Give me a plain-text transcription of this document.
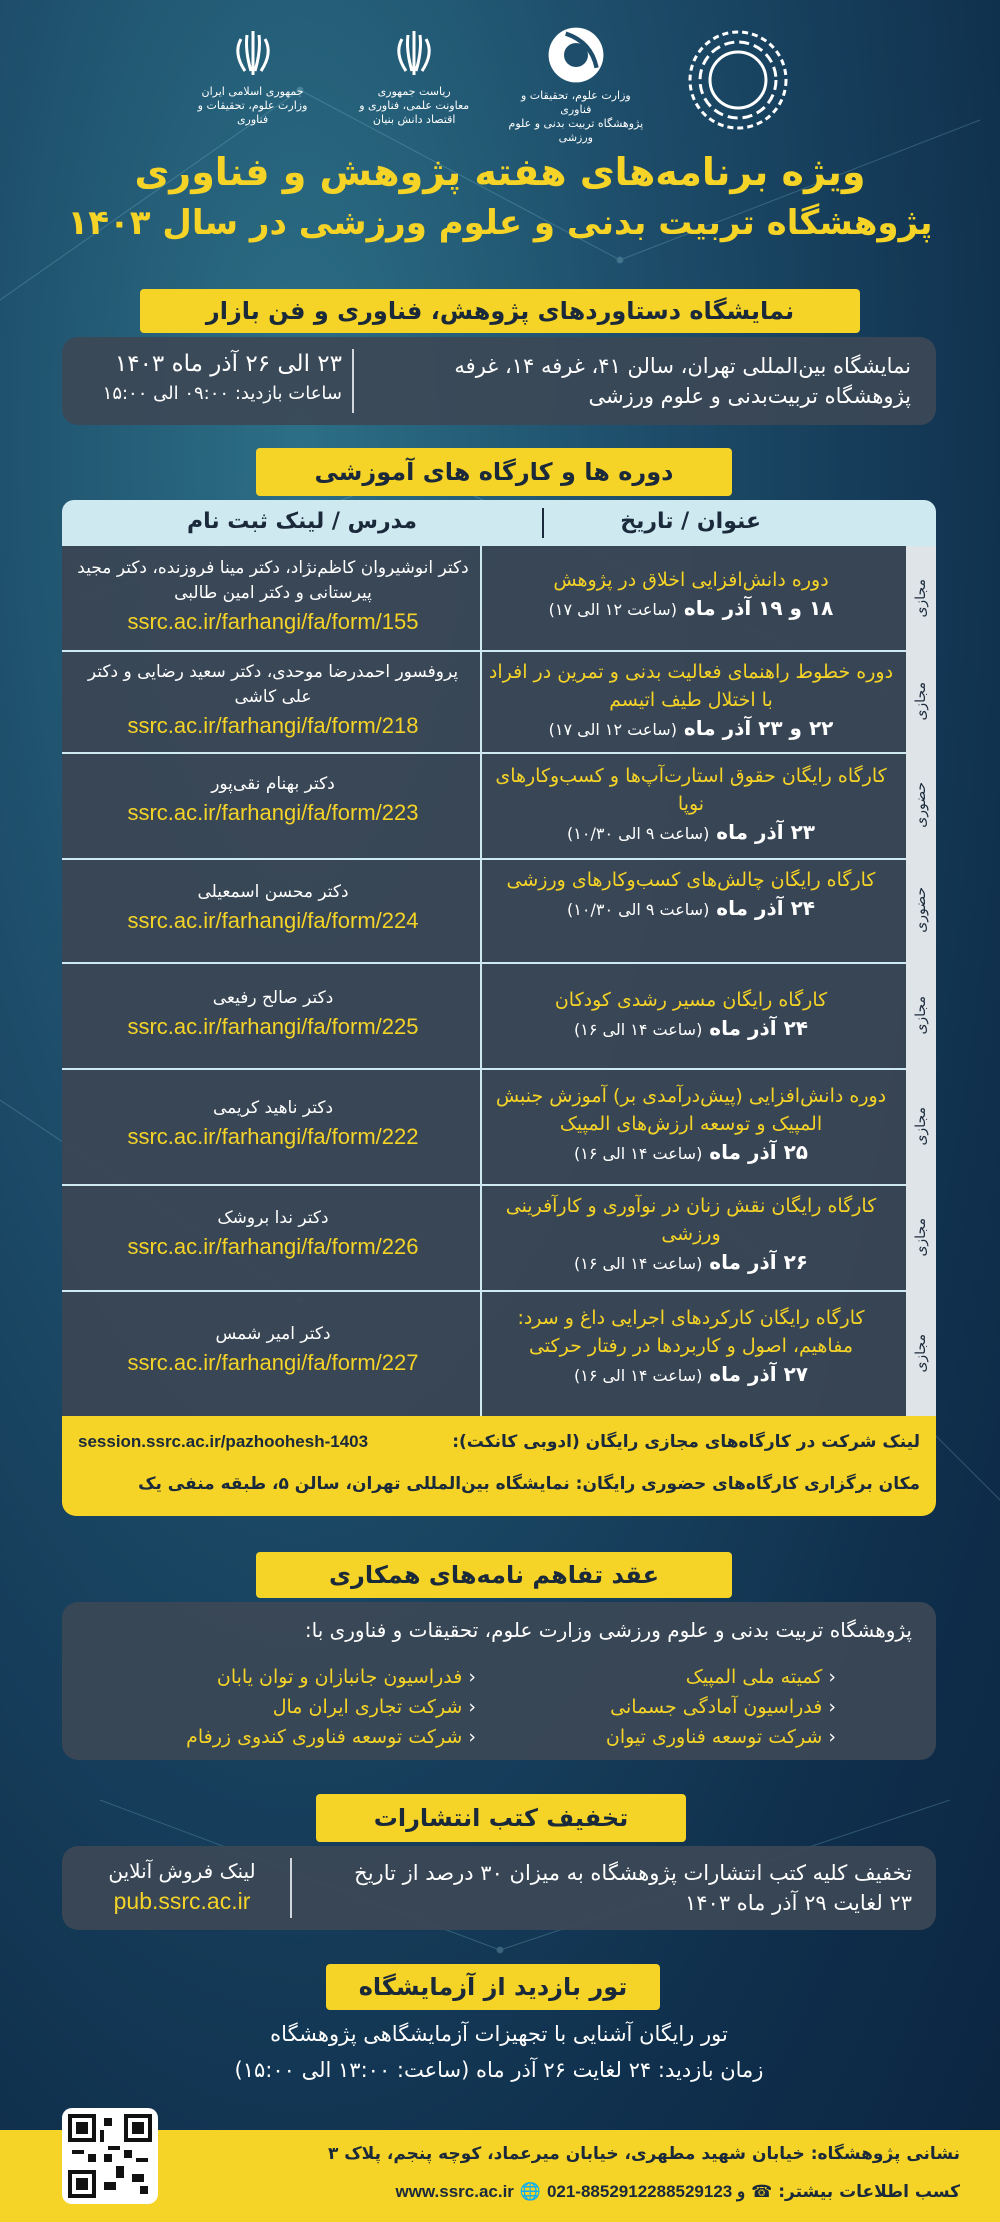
جمهوری اسلامی ایران
وزارت علوم، تحقیقات و فناوری
ریاست جمهوری
معاونت علمی، فناوری و اقتصاد دانش بنیان
وزارت علوم، تحقیقات و فناوری
پژوهشگاه تربیت بدنی و علوم ورزشی
ویژه برنامه‌های هفته پژوهش و فناوری
پژوهشگاه تربیت بدنی و علوم ورزشی در سال ۱۴۰۳
نمایشگاه دستاوردهای پژوهش، فناوری و فن بازار
نمایشگاه بین‌المللی تهران، سالن ۴۱، غرفه ۱۴، غرفه پژوهشگاه تربیت‌بدنی و علوم ورزشی
۲۳ الی ۲۶ آذر ماه ۱۴۰۳
ساعات بازدید: ۰۹:۰۰ الی ۱۵:۰۰
دوره ها و کارگاه های آموزشی
عنوان / تاریخ
مدرس / لینک ثبت نام
مجازی
دوره دانش‌افزایی اخلاق در پژوهش
۱۸ و ۱۹ آذر ماه (ساعت ۱۲ الی ۱۷)
دکتر انوشیروان کاظم‌نژاد، دکتر مینا فروزنده، دکتر مجید پیرستانی و دکتر امین طالبی
ssrc.ac.ir/farhangi/fa/form/155
مجازی
دوره خطوط راهنمای فعالیت بدنی و تمرین در افراد با اختلال طیف اتیسم
۲۲ و ۲۳ آذر ماه (ساعت ۱۲ الی ۱۷)
پروفسور احمدرضا موحدی، دکتر سعید رضایی و دکتر علی کاشی
ssrc.ac.ir/farhangi/fa/form/218
حضوری
کارگاه رایگان حقوق استارت‌آپ‌ها و کسب‌وکارهای نوپا
۲۳ آذر ماه (ساعت ۹ الی ۱۰/۳۰)
دکتر بهنام نقی‌پور
ssrc.ac.ir/farhangi/fa/form/223
حضوری
کارگاه رایگان چالش‌های کسب‌وکارهای ورزشی
۲۴ آذر ماه (ساعت ۹ الی ۱۰/۳۰)
دکتر محسن اسمعیلی
ssrc.ac.ir/farhangi/fa/form/224
مجازی
کارگاه رایگان مسیر رشدی کودکان
۲۴ آذر ماه (ساعت ۱۴ الی ۱۶)
دکتر صالح رفیعی
ssrc.ac.ir/farhangi/fa/form/225
مجازی
دوره دانش‌افزایی (پیش‌درآمدی بر) آموزش جنبش المپیک و توسعه ارزش‌های المپیک
۲۵ آذر ماه (ساعت ۱۴ الی ۱۶)
دکتر ناهید کریمی
ssrc.ac.ir/farhangi/fa/form/222
مجازی
کارگاه رایگان نقش زنان در نوآوری و کارآفرینی ورزشی
۲۶ آذر ماه (ساعت ۱۴ الی ۱۶)
دکتر ندا بروشک
ssrc.ac.ir/farhangi/fa/form/226
مجازی
کارگاه رایگان کارکردهای اجرایی داغ و سرد: مفاهیم، اصول و کاربردها در رفتار حرکتی
۲۷ آذر ماه (ساعت ۱۴ الی ۱۶)
دکتر امیر شمس
ssrc.ac.ir/farhangi/fa/form/227
لینک شرکت در کارگاه‌های مجازی رایگان (ادوبی کانکت):
session.ssrc.ac.ir/pazhoohesh-1403
مکان برگزاری کارگاه‌های حضوری رایگان: نمایشگاه بین‌المللی تهران، سالن ۵، طبقه منفی یک
عقد تفاهم نامه‌های همکاری
پژوهشگاه تربیت بدنی و علوم ورزشی وزارت علوم، تحقیقات و فناوری با:
‹ کمیته ملی المپیک
‹ فدراسیون آمادگی جسمانی
‹ شرکت توسعه فناوری تیوان
‹ فدراسیون جانبازان و توان یابان
‹ شرکت تجاری ایران مال
‹ شرکت توسعه فناوری کندوی زرفام
تخفیف کتب انتشارات
تخفیف کلیه کتب انتشارات پژوهشگاه به میزان ۳۰ درصد از تاریخ ۲۳ لغایت ۲۹ آذر ماه ۱۴۰۳
لینک فروش آنلاین
pub.ssrc.ac.ir
تور بازدید از آزمایشگاه
تور رایگان آشنایی با تجهیزات آزمایشگاهی پژوهشگاه
زمان بازدید: ۲۴ لغایت ۲۶ آذر ماه (ساعت: ۱۳:۰۰ الی ۱۵:۰۰)
نشانی پژوهشگاه: خیابان شهید مطهری، خیابان میرعماد، کوچه پنجم، پلاک ۳
کسب اطلاعات بیشتر: ☎ 021-88529122و 88529123 🌐 www.ssrc.ac.ir
